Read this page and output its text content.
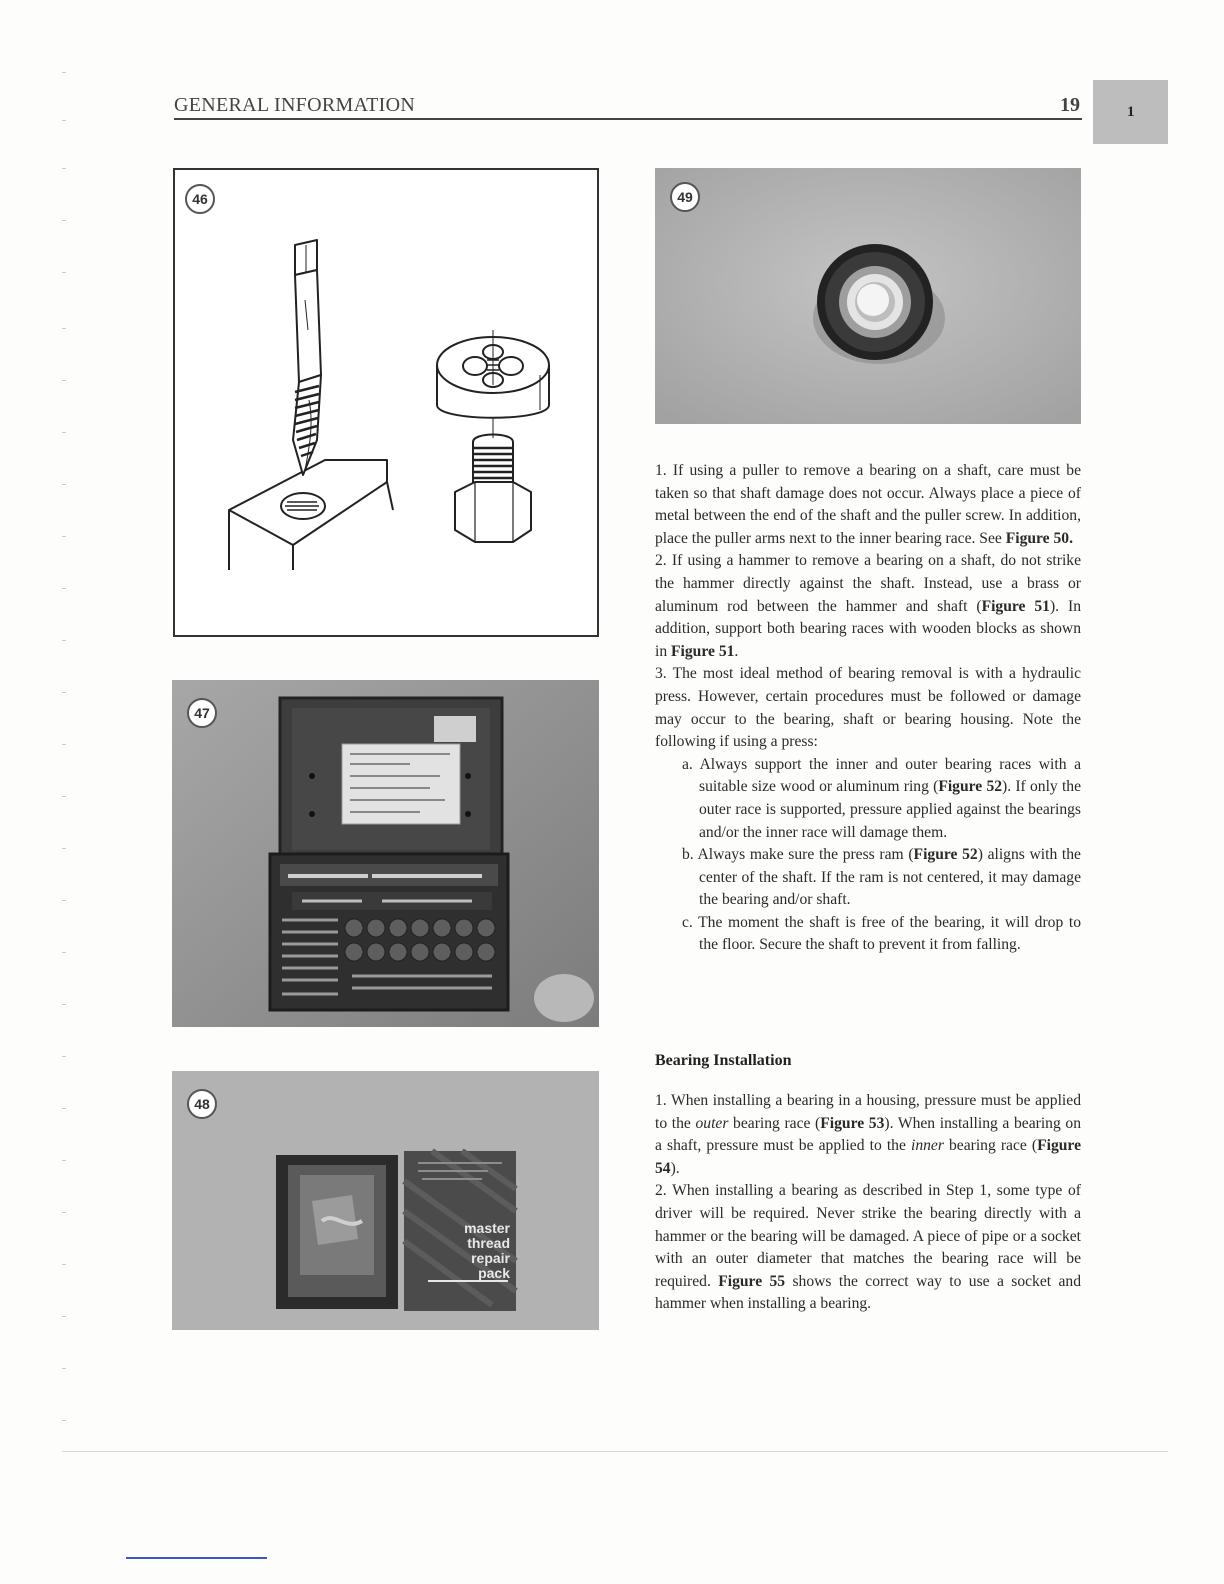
GENERAL INFORMATION	19	1
46
47
48
master
thread
repair
pack
49

1. If using a puller to remove a bearing on a shaft, care must be taken so that shaft damage does not occur. Always place a piece of metal between the end of the shaft and the puller screw. In addition, place the puller arms next to the inner bearing race. See Figure 50.

2. If using a hammer to remove a bearing on a shaft, do not strike the hammer directly against the shaft. Instead, use a brass or aluminum rod between the hammer and shaft (Figure 51). In addition, support both bearing races with wooden blocks as shown in Figure 51.

3. The most ideal method of bearing removal is with a hydraulic press. However, certain procedures must be followed or damage may occur to the bearing, shaft or bearing housing. Note the following if using a press:

a. Always support the inner and outer bearing races with a suitable size wood or aluminum ring (Figure 52). If only the outer race is supported, pressure applied against the bearings and/or the inner race will damage them.

b. Always make sure the press ram (Figure 52) aligns with the center of the shaft. If the ram is not centered, it may damage the bearing and/or shaft.

c. The moment the shaft is free of the bearing, it will drop to the floor. Secure the shaft to prevent it from falling.

Bearing Installation

1. When installing a bearing in a housing, pressure must be applied to the outer bearing race (Figure 53). When installing a bearing on a shaft, pressure must be applied to the inner bearing race (Figure 54).

2. When installing a bearing as described in Step 1, some type of driver will be required. Never strike the bearing directly with a hammer or the bearing will be damaged. A piece of pipe or a socket with an outer diameter that matches the bearing race will be required. Figure 55 shows the correct way to use a socket and hammer when installing a bearing.
